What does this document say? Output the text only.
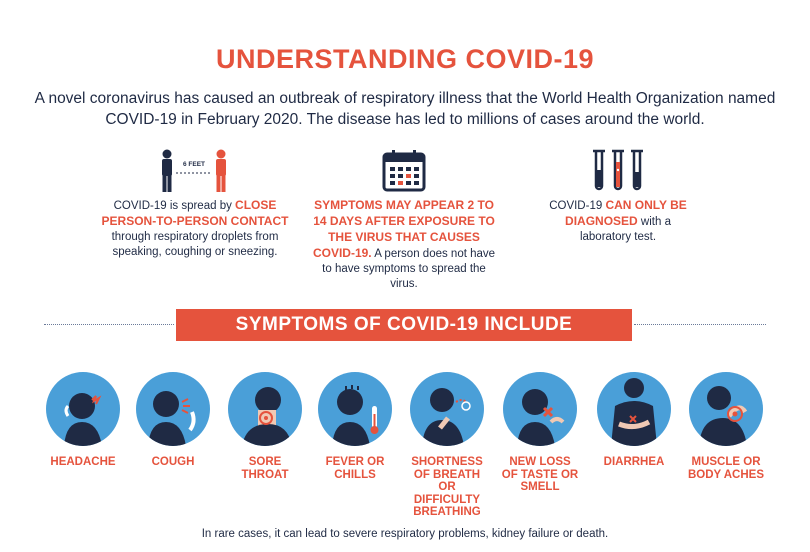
UNDERSTANDING COVID-19
A novel coronavirus has caused an outbreak of respiratory illness that the World Health Organization named COVID-19 in February 2020. The disease has led to millions of cases around the world.
6 FEET
COVID-19 is spread by CLOSE PERSON-TO-PERSON CONTACT through respiratory droplets from speaking, coughing or sneezing.
SYMPTOMS MAY APPEAR 2 TO 14 DAYS AFTER EXPOSURE TO THE VIRUS THAT CAUSES COVID-19. A person does not have to have symptoms to spread the virus.
COVID-19 CAN ONLY BE DIAGNOSED with a laboratory test.
SYMPTOMS OF COVID-19 INCLUDE
HEADACHE	COUGH	SORE THROAT
FEVER OR CHILLS
SHORTNESS OF BREATH OR DIFFICULTY BREATHING
NEW LOSS OF TASTE OR SMELL
DIARRHEA	MUSCLE OR BODY ACHES
In rare cases, it can lead to severe respiratory problems, kidney failure or death.
